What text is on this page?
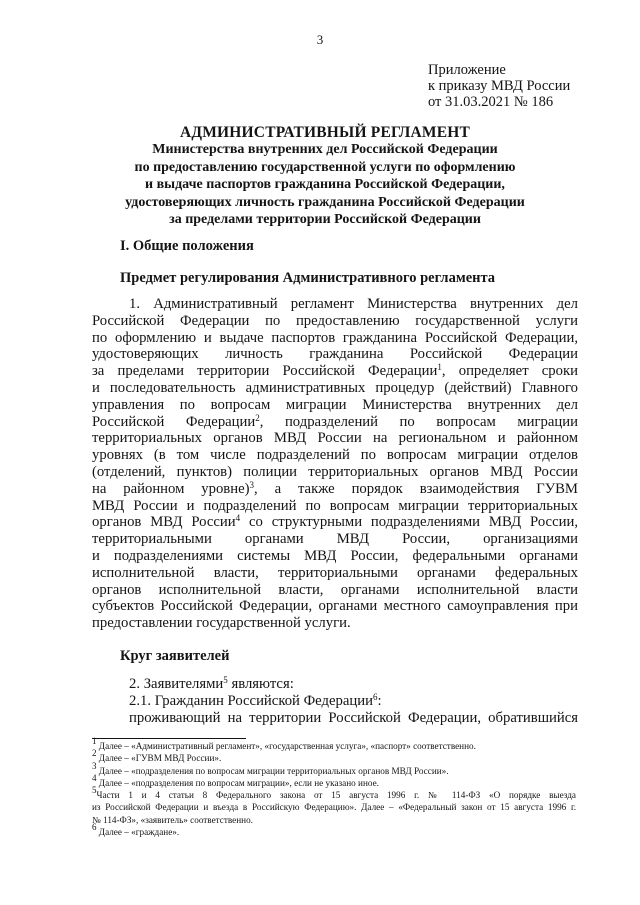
3
Приложение
к приказу МВД России
от 31.03.2021 № 186
АДМИНИСТРАТИВНЫЙ РЕГЛАМЕНТ
Министерства внутренних дел Российской Федерации
по предоставлению государственной услуги по оформлению
и выдаче паспортов гражданина Российской Федерации,
удостоверяющих личность гражданина Российской Федерации
за пределами территории Российской Федерации
I. Общие положения
Предмет регулирования Административного регламента
1. Административный регламент Министерства внутренних дел
Российской Федерации по предоставлению государственной услуги
по оформлению и выдаче паспортов гражданина Российской Федерации,
удостоверяющих личность гражданина Российской Федерации
за пределами территории Российской Федерации$^1$, определяет сроки
и последовательность административных процедур (действий) Главного
управления по вопросам миграции Министерства внутренних дел
Российской Федерации$^2$, подразделений по вопросам миграции
территориальных органов МВД России на региональном и районном
уровнях (в том числе подразделений по вопросам миграции отделов
(отделений, пунктов) полиции территориальных органов МВД России
на районном уровне)$^3$, а также порядок взаимодействия ГУВМ
МВД России и подразделений по вопросам миграции территориальных
органов МВД России$^4$ со структурными подразделениями МВД России,
территориальными органами МВД России, организациями
и подразделениями системы МВД России, федеральными органами
исполнительной власти, территориальными органами федеральных
органов исполнительной власти, органами исполнительной власти
субъектов Российской Федерации, органами местного самоуправления при
предоставлении государственной услуги.
Круг заявителей
2. Заявителями$^5$ являются:
2.1. Гражданин Российской Федерации$^6$:
проживающий на территории Российской Федерации, обратившийся
$^1$ Далее – «Административный регламент», «государственная услуга», «паспорт» соответственно.
$^2$ Далее – «ГУВМ МВД России».
$^3$ Далее – «подразделения по вопросам миграции территориальных органов МВД России».
$^4$ Далее – «подразделения по вопросам миграции», если не указано иное.
$^5$Части 1 и 4 статьи 8 Федерального закона от 15 августа 1996 г. № 114-ФЗ «О порядке выезда
из Российской Федерации и въезда в Российскую Федерацию». Далее – «Федеральный закон от 15 августа 1996 г.
№ 114-ФЗ», «заявитель» соответственно.
$^6$ Далее – «граждане».
